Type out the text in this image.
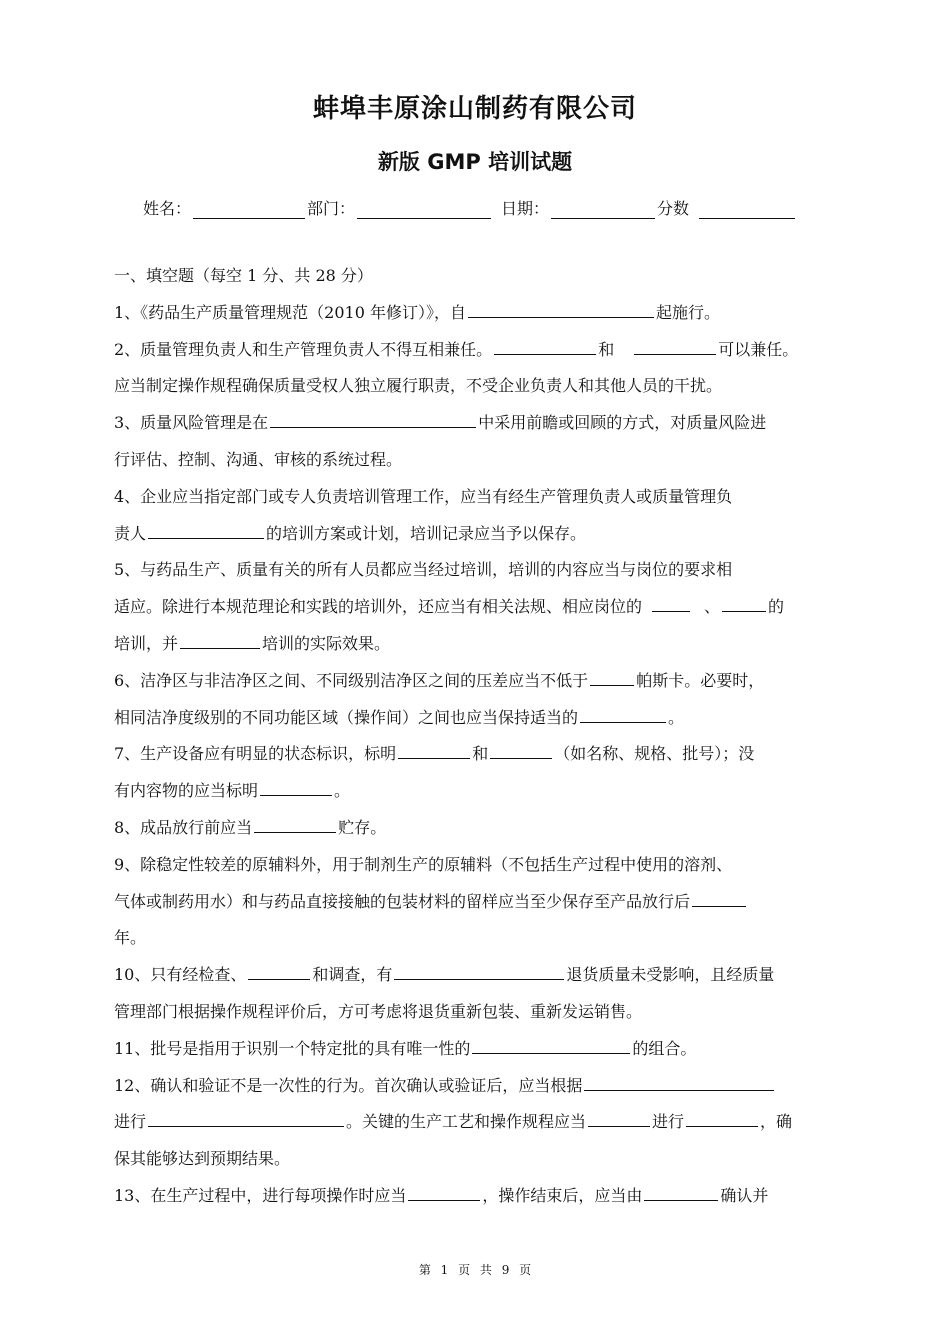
蚌埠丰原涂山制药有限公司
新版 GMP 培训试题
姓名：	部门：	日期：	分数
一、填空题（每空 1 分、共 28 分）
1、《药品生产质量管理规范（2010 年修订）》，自	起施行。
2、质量管理负责人和生产管理负责人不得互相兼任。	和	可以兼任。
应当制定操作规程确保质量受权人独立履行职责，不受企业负责人和其他人员的干扰。
3、质量风险管理是在	中采用前瞻或回顾的方式，对质量风险进
行评估、控制、沟通、审核的系统过程。
4、企业应当指定部门或专人负责培训管理工作，应当有经生产管理负责人或质量管理负
责人	的培训方案或计划，培训记录应当予以保存。
5、与药品生产、质量有关的所有人员都应当经过培训，培训的内容应当与岗位的要求相
适应。除进行本规范理论和实践的培训外，还应当有相关法规、相应岗位的	、	的
培训，并	培训的实际效果。
6、洁净区与非洁净区之间、不同级别洁净区之间的压差应当不低于	帕斯卡。必要时，
相同洁净度级别的不同功能区域（操作间）之间也应当保持适当的	。
7、生产设备应有明显的状态标识，标明	和	（如名称、规格、批号）；没
有内容物的应当标明	。
8、成品放行前应当	贮存。
9、除稳定性较差的原辅料外，用于制剂生产的原辅料（不包括生产过程中使用的溶剂、
气体或制药用水）和与药品直接接触的包装材料的留样应当至少保存至产品放行后
年。
10、只有经检查、	和调查，有	退货质量未受影响，且经质量
管理部门根据操作规程评价后，方可考虑将退货重新包装、重新发运销售。
11、批号是指用于识别一个特定批的具有唯一性的	的组合。
12、确认和验证不是一次性的行为。首次确认或验证后，应当根据
进行	。关键的生产工艺和操作规程应当	进行	，确
保其能够达到预期结果。
13、在生产过程中，进行每项操作时应当	，操作结束后，应当由	确认并
第 1 页 共 9 页
